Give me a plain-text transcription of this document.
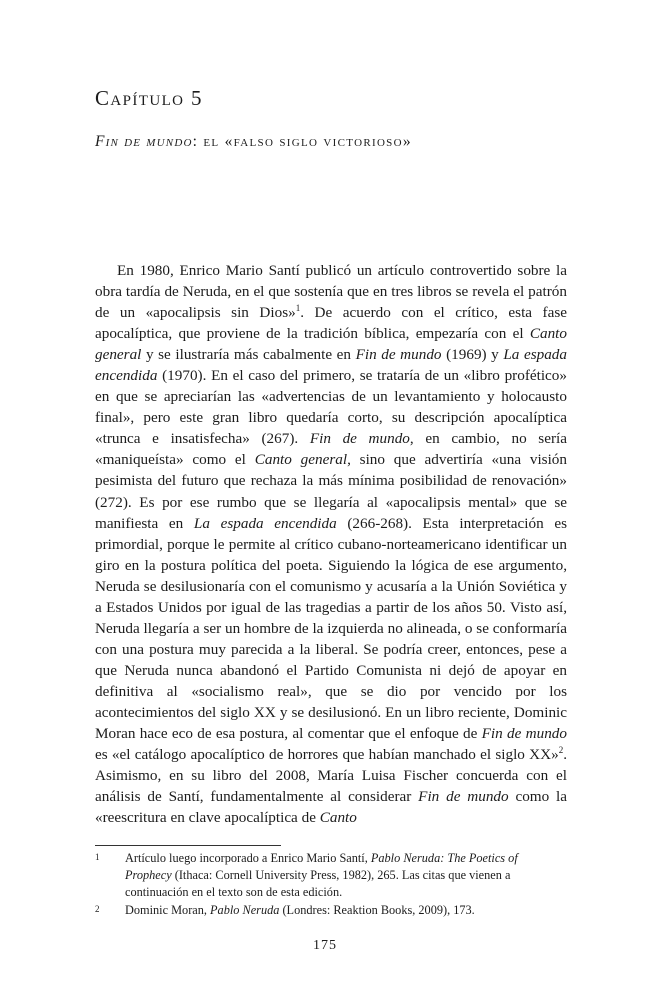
Capítulo 5
Fin de mundo: el «falso siglo victorioso»

En 1980, Enrico Mario Santí publicó un artículo controvertido sobre la obra tardía de Neruda, en el que sostenía que en tres libros se revela el patrón de un «apocalipsis sin Dios»$^1$. De acuerdo con el crítico, esta fase apocalíptica, que proviene de la tradición bíblica, empezaría con el Canto general y se ilustraría más cabalmente en Fin de mundo (1969) y La espada encendida (1970). En el caso del primero, se trataría de un «libro profético» en que se apreciarían las «advertencias de un levantamiento y holocausto final», pero este gran libro quedaría corto, su descripción apocalíptica «trunca e insatisfecha» (267). Fin de mundo, en cambio, no sería «maniqueísta» como el Canto general, sino que advertiría «una visión pesimista del futuro que rechaza la más mínima posibilidad de renovación» (272). Es por ese rumbo que se llegaría al «apocalipsis mental» que se manifiesta en La espada encendida (266-268). Esta interpretación es primordial, porque le permite al crítico cubano-norteamericano identificar un giro en la postura política del poeta. Siguiendo la lógica de ese argumento, Neruda se desilusionaría con el comunismo y acusaría a la Unión Soviética y a Estados Unidos por igual de las tragedias a partir de los años 50. Visto así, Neruda llegaría a ser un hombre de la izquierda no alineada, o se conformaría con una postura muy parecida a la liberal. Se podría creer, entonces, pese a que Neruda nunca abandonó el Partido Comunista ni dejó de apoyar en definitiva al «socialismo real», que se dio por vencido por los acontecimientos del siglo XX y se desilusionó. En un libro reciente, Dominic Moran hace eco de esa postura, al comentar que el enfoque de Fin de mundo es «el catálogo apocalíptico de horrores que habían manchado el siglo XX»$^2$. Asimismo, en su libro del 2008, María Luisa Fischer concuerda con el análisis de Santí, fundamentalmente al considerar Fin de mundo como la «reescritura en clave apocalíptica de Canto

1	Artículo luego incorporado a Enrico Mario Santí, Pablo Neruda: The Poetics of Prophecy (Ithaca: Cornell University Press, 1982), 265. Las citas que vienen a continuación en el texto son de esta edición.
2	Dominic Moran, Pablo Neruda (Londres: Reaktion Books, 2009), 173.
175
